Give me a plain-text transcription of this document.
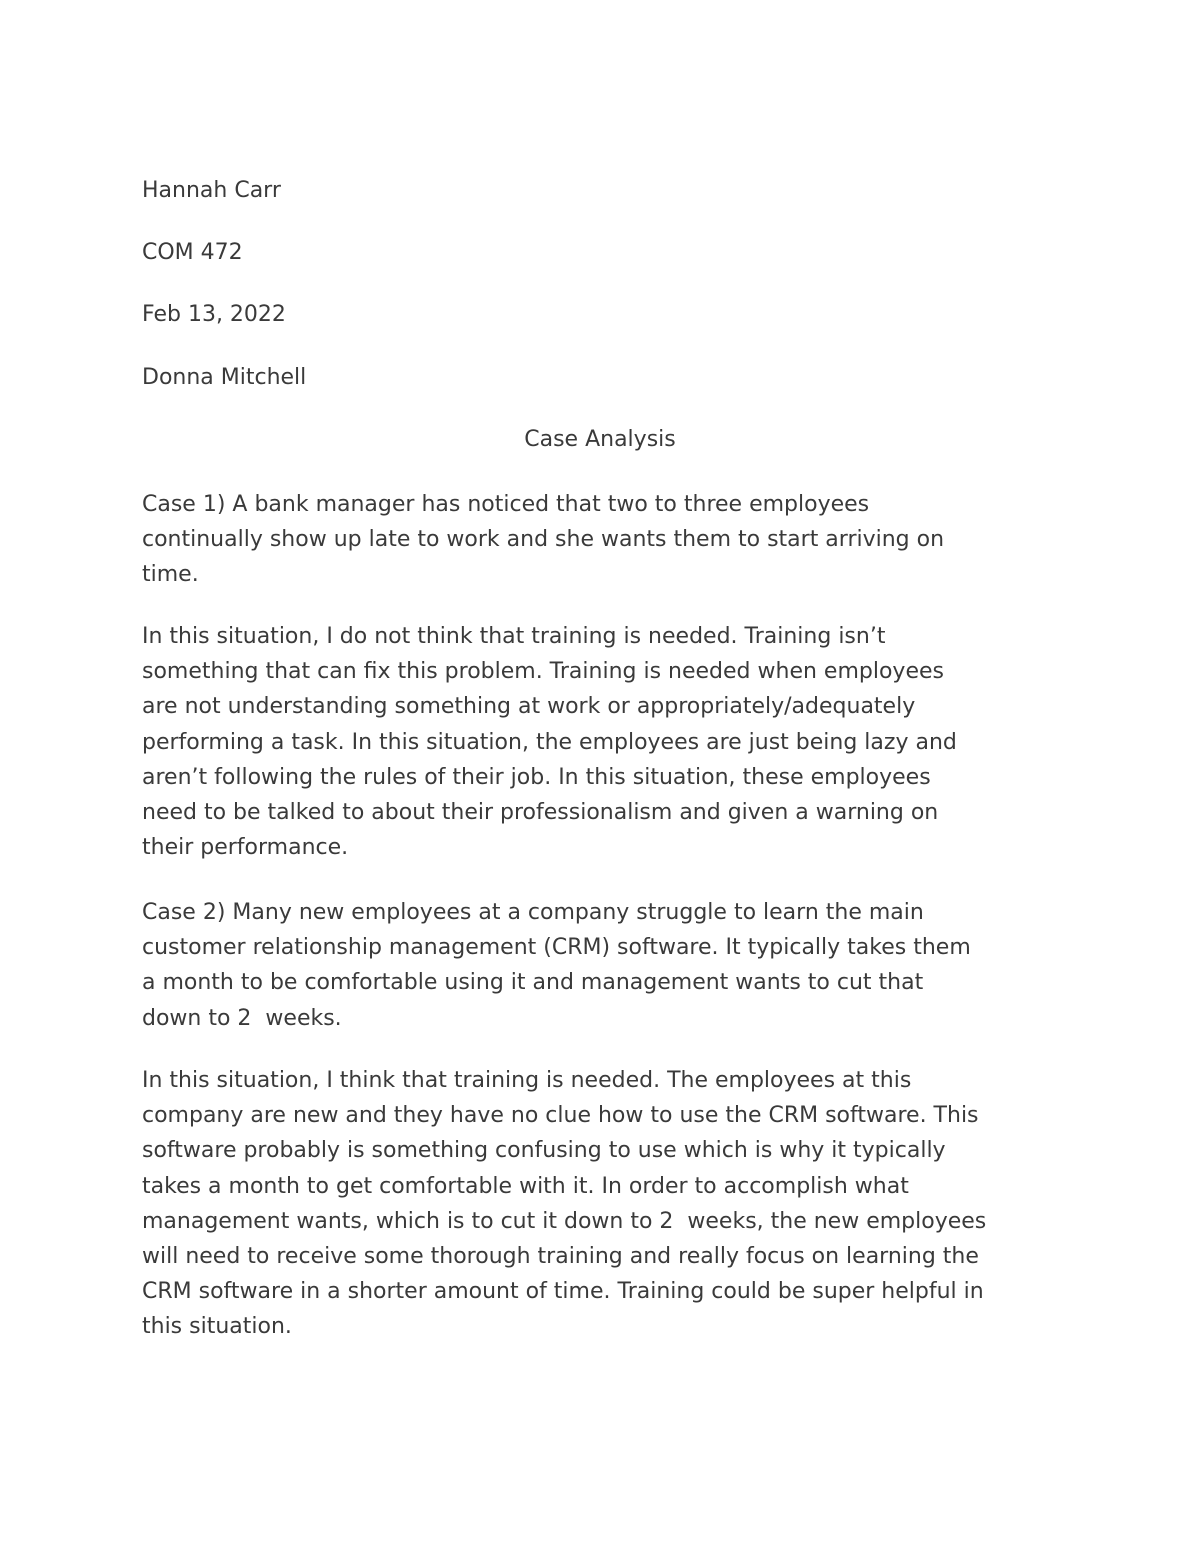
Hannah Carr
COM 472
Feb 13, 2022
Donna Mitchell
Case Analysis
Case 1) A bank manager has noticed that two to three employees
continually show up late to work and she wants them to start arriving on
time.
In this situation, I do not think that training is needed. Training isn’t
something that can fix this problem. Training is needed when employees
are not understanding something at work or appropriately/adequately
performing a task. In this situation, the employees are just being lazy and
aren’t following the rules of their job. In this situation, these employees
need to be talked to about their professionalism and given a warning on
their performance.
Case 2) Many new employees at a company struggle to learn the main
customer relationship management (CRM) software. It typically takes them
a month to be comfortable using it and management wants to cut that
down to 2  weeks.
In this situation, I think that training is needed. The employees at this
company are new and they have no clue how to use the CRM software. This
software probably is something confusing to use which is why it typically
takes a month to get comfortable with it. In order to accomplish what
management wants, which is to cut it down to 2  weeks, the new employees
will need to receive some thorough training and really focus on learning the
CRM software in a shorter amount of time. Training could be super helpful in
this situation.
